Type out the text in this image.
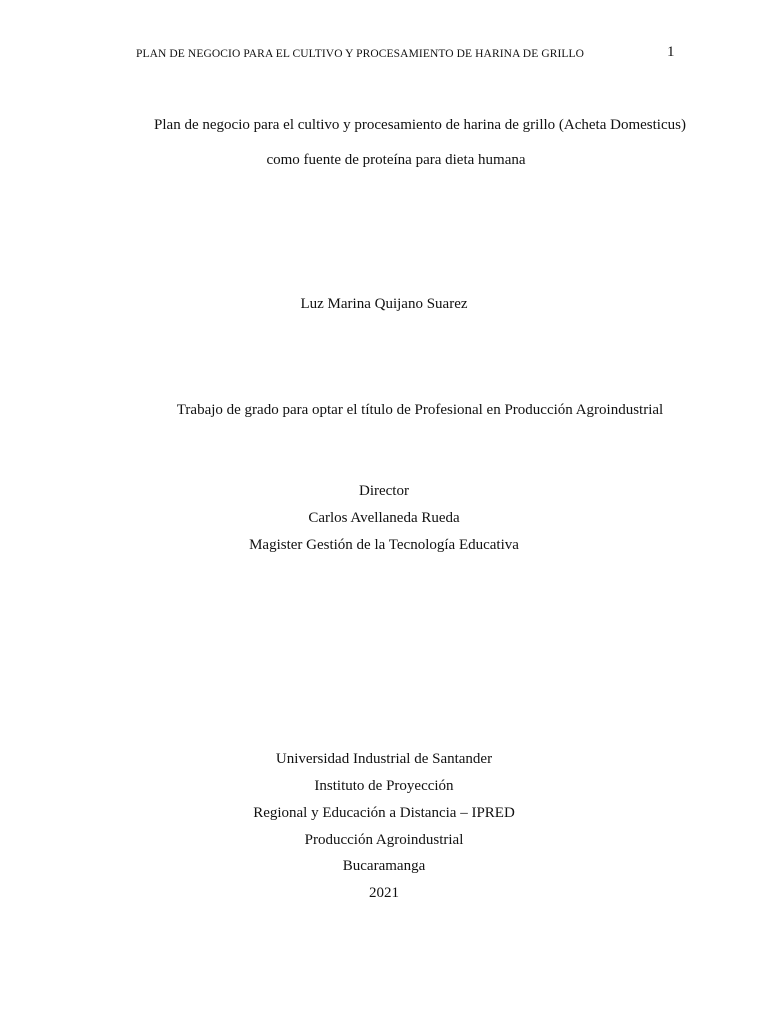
PLAN DE NEGOCIO PARA EL CULTIVO Y PROCESAMIENTO DE HARINA DE GRILLO	1
Plan de negocio para el cultivo y procesamiento de harina de grillo (Acheta Domesticus)
como fuente de proteína para dieta humana
Luz Marina Quijano Suarez
Trabajo de grado para optar el título de Profesional en Producción Agroindustrial
Director
Carlos Avellaneda Rueda
Magister Gestión de la Tecnología Educativa
Universidad Industrial de Santander
Instituto de Proyección
Regional y Educación a Distancia – IPRED
Producción Agroindustrial
Bucaramanga
2021
